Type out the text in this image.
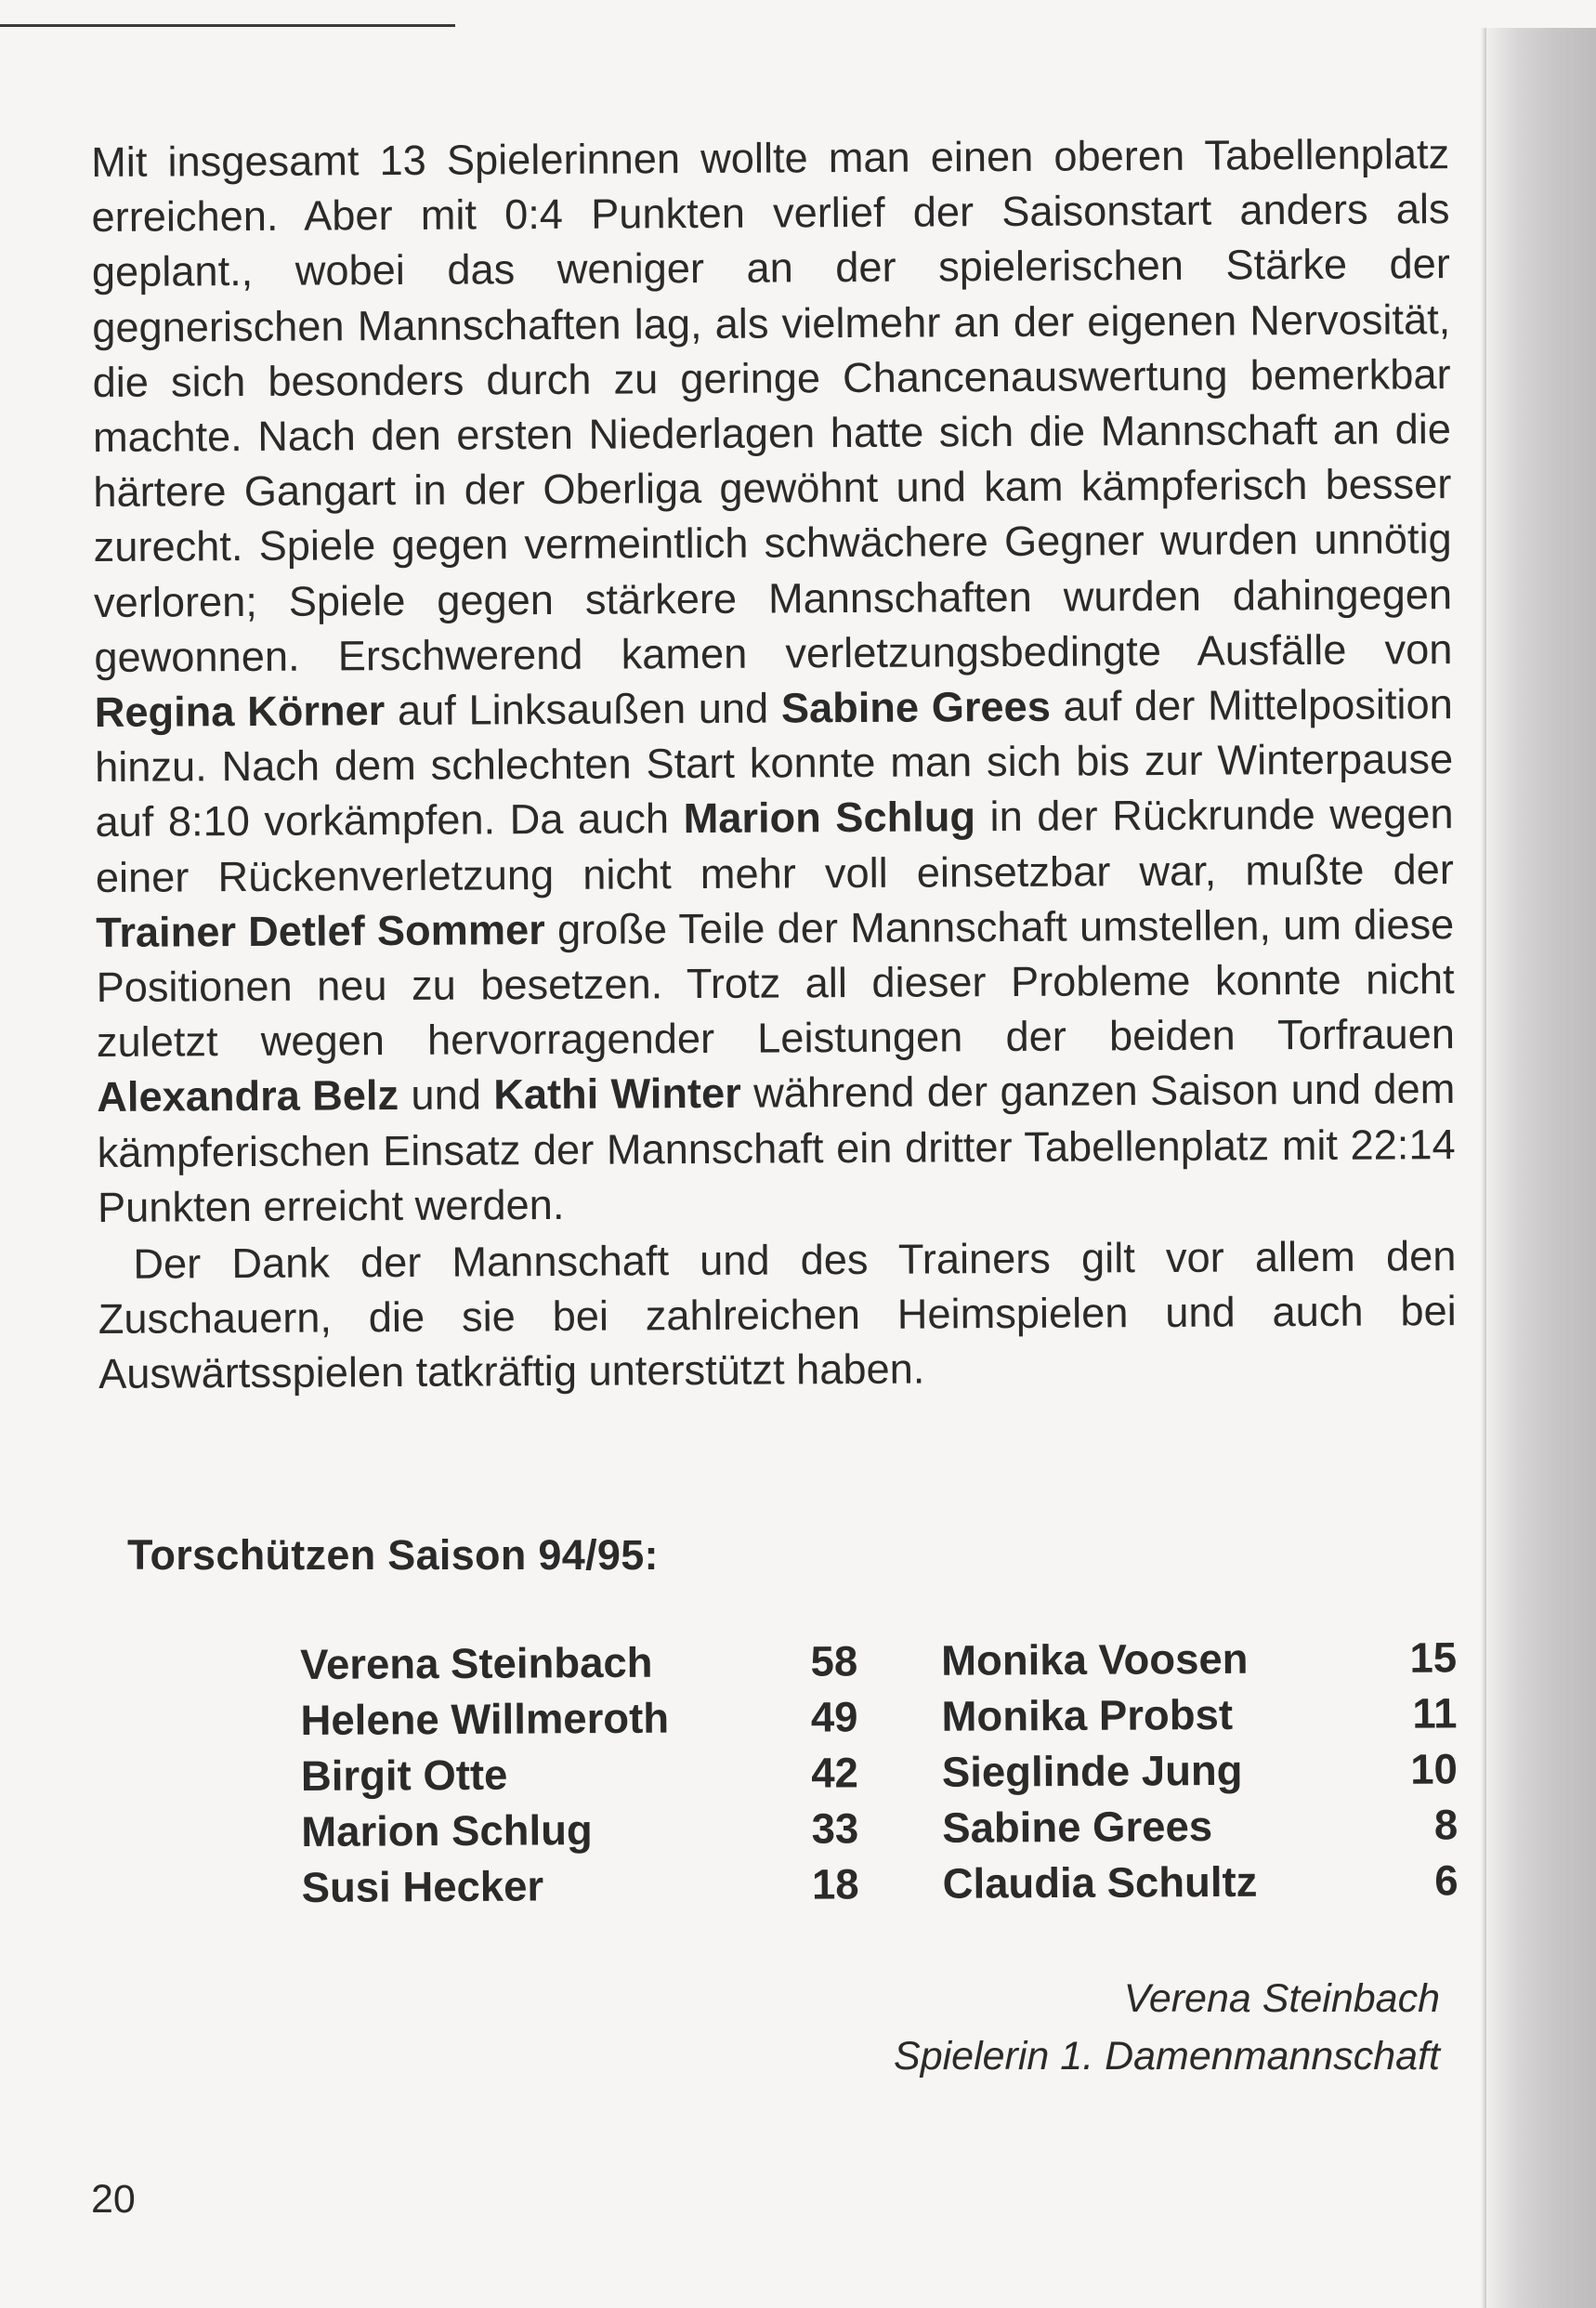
Mit insgesamt 13 Spielerinnen wollte man einen oberen Tabellenplatz erreichen. Aber mit 0:4 Punkten verlief der Saisonstart anders als geplant., wobei das weniger an der spielerischen Stärke der gegnerischen Mannschaften lag, als vielmehr an der eigenen Nervosität, die sich besonders durch zu geringe Chancenauswertung bemerkbar machte. Nach den ersten Niederlagen hatte sich die Mannschaft an die härtere Gangart in der Oberliga gewöhnt und kam kämpferisch besser zurecht. Spiele gegen vermeintlich schwächere Gegner wurden unnötig verloren; Spiele gegen stärkere Mannschaften wurden dahingegen gewonnen. Erschwerend kamen verletzungsbedingte Ausfälle von Regina Körner auf Linksaußen und Sabine Grees auf der Mittelposition hinzu. Nach dem schlechten Start konnte man sich bis zur Winterpause auf 8:10 vorkämpfen. Da auch Marion Schlug in der Rückrunde wegen einer Rückenverletzung nicht mehr voll einsetzbar war, mußte der Trainer Detlef Sommer große Teile der Mannschaft umstellen, um diese Positionen neu zu besetzen. Trotz all dieser Probleme konnte nicht zuletzt wegen hervorragender Leistungen der beiden Torfrauen Alexandra Belz und Kathi Winter während der ganzen Saison und dem kämpferischen Einsatz der Mannschaft ein dritter Tabellenplatz mit 22:14 Punkten erreicht werden.

Der Dank der Mannschaft und des Trainers gilt vor allem den Zuschauern, die sie bei zahlreichen Heimspielen und auch bei Auswärtsspielen tatkräftig unterstützt haben.

Torschützen Saison 94/95:
Verena Steinbach	58
Helene Willmeroth	49
Birgit Otte	42
Marion Schlug	33
Susi Hecker	18
Monika Voosen	15
Monika Probst	11
Sieglinde Jung	10
Sabine Grees	8
Claudia Schultz	6
Verena Steinbach
Spielerin 1. Damenmannschaft
20
